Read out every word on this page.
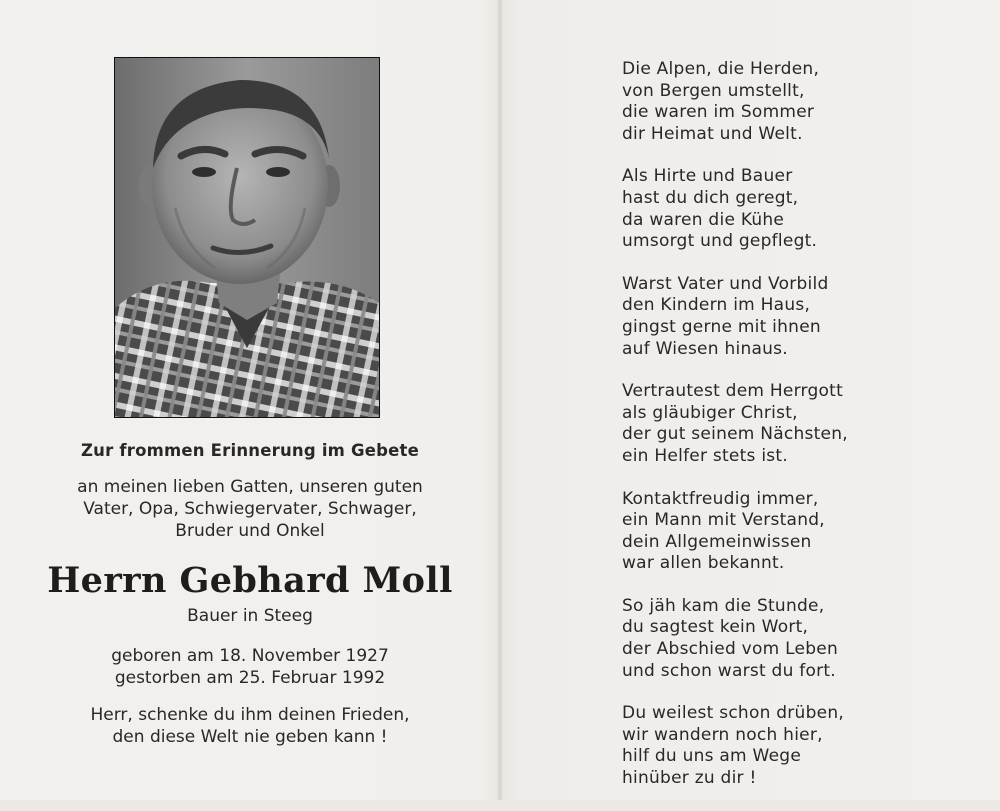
Zur frommen Erinnerung im Gebete
an meinen lieben Gatten, unseren guten
Vater, Opa, Schwiegervater, Schwager,
Bruder und Onkel
Herrn Gebhard Moll
Bauer in Steeg
geboren am 18. November 1927
gestorben am 25. Februar 1992
Herr, schenke du ihm deinen Frieden,
den diese Welt nie geben kann !
Die Alpen, die Herden,
von Bergen umstellt,
die waren im Sommer
dir Heimat und Welt.
Als Hirte und Bauer
hast du dich geregt,
da waren die Kühe
umsorgt und gepflegt.
Warst Vater und Vorbild
den Kindern im Haus,
gingst gerne mit ihnen
auf Wiesen hinaus.
Vertrautest dem Herrgott
als gläubiger Christ,
der gut seinem Nächsten,
ein Helfer stets ist.
Kontaktfreudig immer,
ein Mann mit Verstand,
dein Allgemeinwissen
war allen bekannt.
So jäh kam die Stunde,
du sagtest kein Wort,
der Abschied vom Leben
und schon warst du fort.
Du weilest schon drüben,
wir wandern noch hier,
hilf du uns am Wege
hinüber zu dir !
